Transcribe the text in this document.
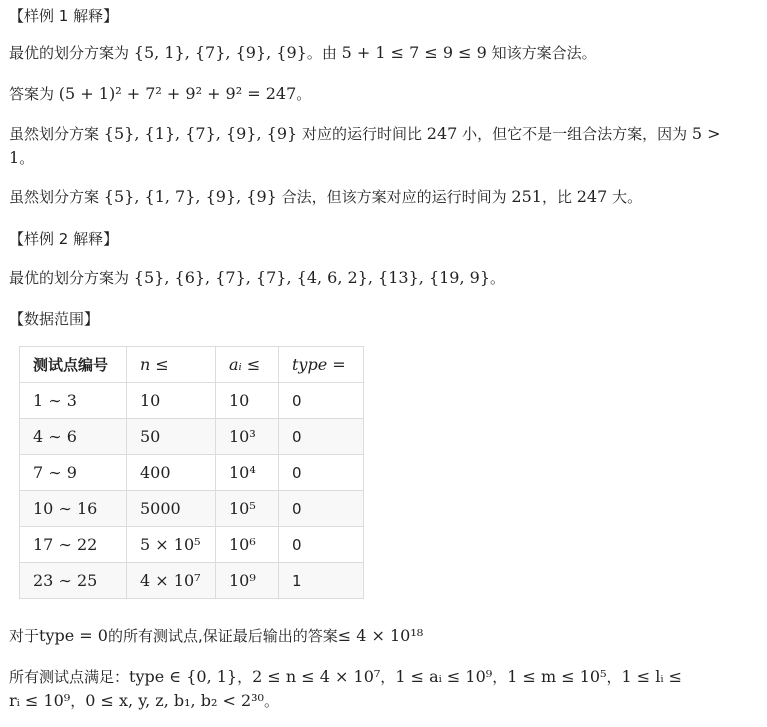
【样例 1 解释】
最优的划分方案为 {5, 1}, {7}, {9}, {9}。由 5 + 1 ≤ 7 ≤ 9 ≤ 9 知该方案合法。
答案为 (5 + 1)² + 7² + 9² + 9² = 247。
虽然划分方案 {5}, {1}, {7}, {9}, {9} 对应的运行时间比 247 小，但它不是一组合法方案，因为 5 >
1。
虽然划分方案 {5}, {1, 7}, {9}, {9} 合法，但该方案对应的运行时间为 251，比 247 大。
【样例 2 解释】
最优的划分方案为 {5}, {6}, {7}, {7}, {4, 6, 2}, {13}, {19, 9}。
【数据范围】
测试点编号	n ≤	aᵢ ≤	type =
1 ∼ 3	10	10	0
4 ∼ 6	50	10³	0
7 ∼ 9	400	10⁴	0
10 ∼ 16	5000	10⁵	0
17 ∼ 22	5 × 10⁵	10⁶	0
23 ∼ 25	4 × 10⁷	10⁹	1
对于type = 0的所有测试点,保证最后输出的答案≤ 4 × 10¹⁸
所有测试点满足：type ∈ {0, 1}，2 ≤ n ≤ 4 × 10⁷，1 ≤ aᵢ ≤ 10⁹，1 ≤ m ≤ 10⁵，1 ≤ lᵢ ≤
rᵢ ≤ 10⁹，0 ≤ x, y, z, b₁, b₂ < 2³⁰。
